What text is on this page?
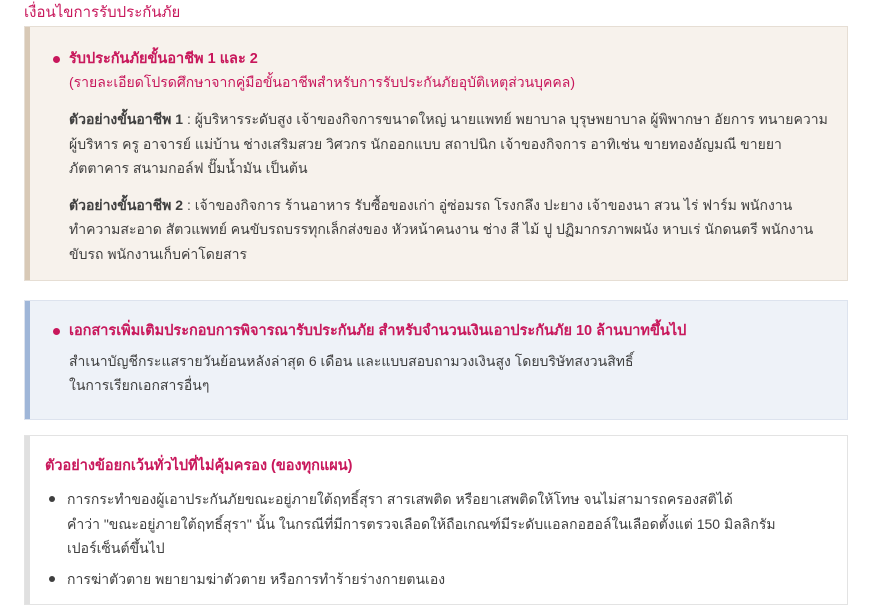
เงื่อนไขการรับประกันภัย
รับประกันภัยขั้นอาชีพ 1 และ 2
(รายละเอียดโปรดศึกษาจากคู่มือขั้นอาชีพสำหรับการรับประกันภัยอุบัติเหตุส่วนบุคคล)
ตัวอย่างขั้นอาชีพ 1 : ผู้บริหารระดับสูง เจ้าของกิจการขนาดใหญ่ นายแพทย์ พยาบาล บุรุษพยาบาล ผู้พิพากษา อัยการ ทนายความ ผู้บริหาร ครู อาจารย์ แม่บ้าน ช่างเสริมสวย วิศวกร นักออกแบบ สถาปนิก เจ้าของกิจการ อาทิเช่น ขายทองอัญมณี ขายยา ภัตตาคาร สนามกอล์ฟ ปั๊มน้ำมัน เป็นต้น
ตัวอย่างขั้นอาชีพ 2 : เจ้าของกิจการ ร้านอาหาร รับซื้อของเก่า อู่ซ่อมรถ โรงกลึง ปะยาง เจ้าของนา สวน ไร่ ฟาร์ม พนักงานทำความสะอาด สัตวแพทย์ คนขับรถบรรทุกเล็กส่งของ หัวหน้าคนงาน ช่าง สี ไม้ ปู ปฏิมากรภาพผนัง หาบเร่ นักดนตรี พนักงานขับรถ พนักงานเก็บค่าโดยสาร
เอกสารเพิ่มเติมประกอบการพิจารณารับประกันภัย สำหรับจำนวนเงินเอาประกันภัย 10 ล้านบาทขึ้นไป
สำเนาบัญชีกระแสรายวันย้อนหลังล่าสุด 6 เดือน และแบบสอบถามวงเงินสูง โดยบริษัทสงวนสิทธิ์
ในการเรียกเอกสารอื่นๆ
ตัวอย่างข้อยกเว้นทั่วไปที่ไม่คุ้มครอง (ของทุกแผน)
การกระทำของผู้เอาประกันภัยขณะอยู่ภายใต้ฤทธิ์สุรา สารเสพติด หรือยาเสพติดให้โทษ จนไม่สามารถครองสติได้
คำว่า "ขณะอยู่ภายใต้ฤทธิ์สุรา" นั้น ในกรณีที่มีการตรวจเลือดให้ถือเกณฑ์มีระดับแอลกอฮอล์ในเลือดตั้งแต่ 150 มิลลิกรัม
เปอร์เซ็นต์ขึ้นไป
การฆ่าตัวตาย พยายามฆ่าตัวตาย หรือการทำร้ายร่างกายตนเอง
